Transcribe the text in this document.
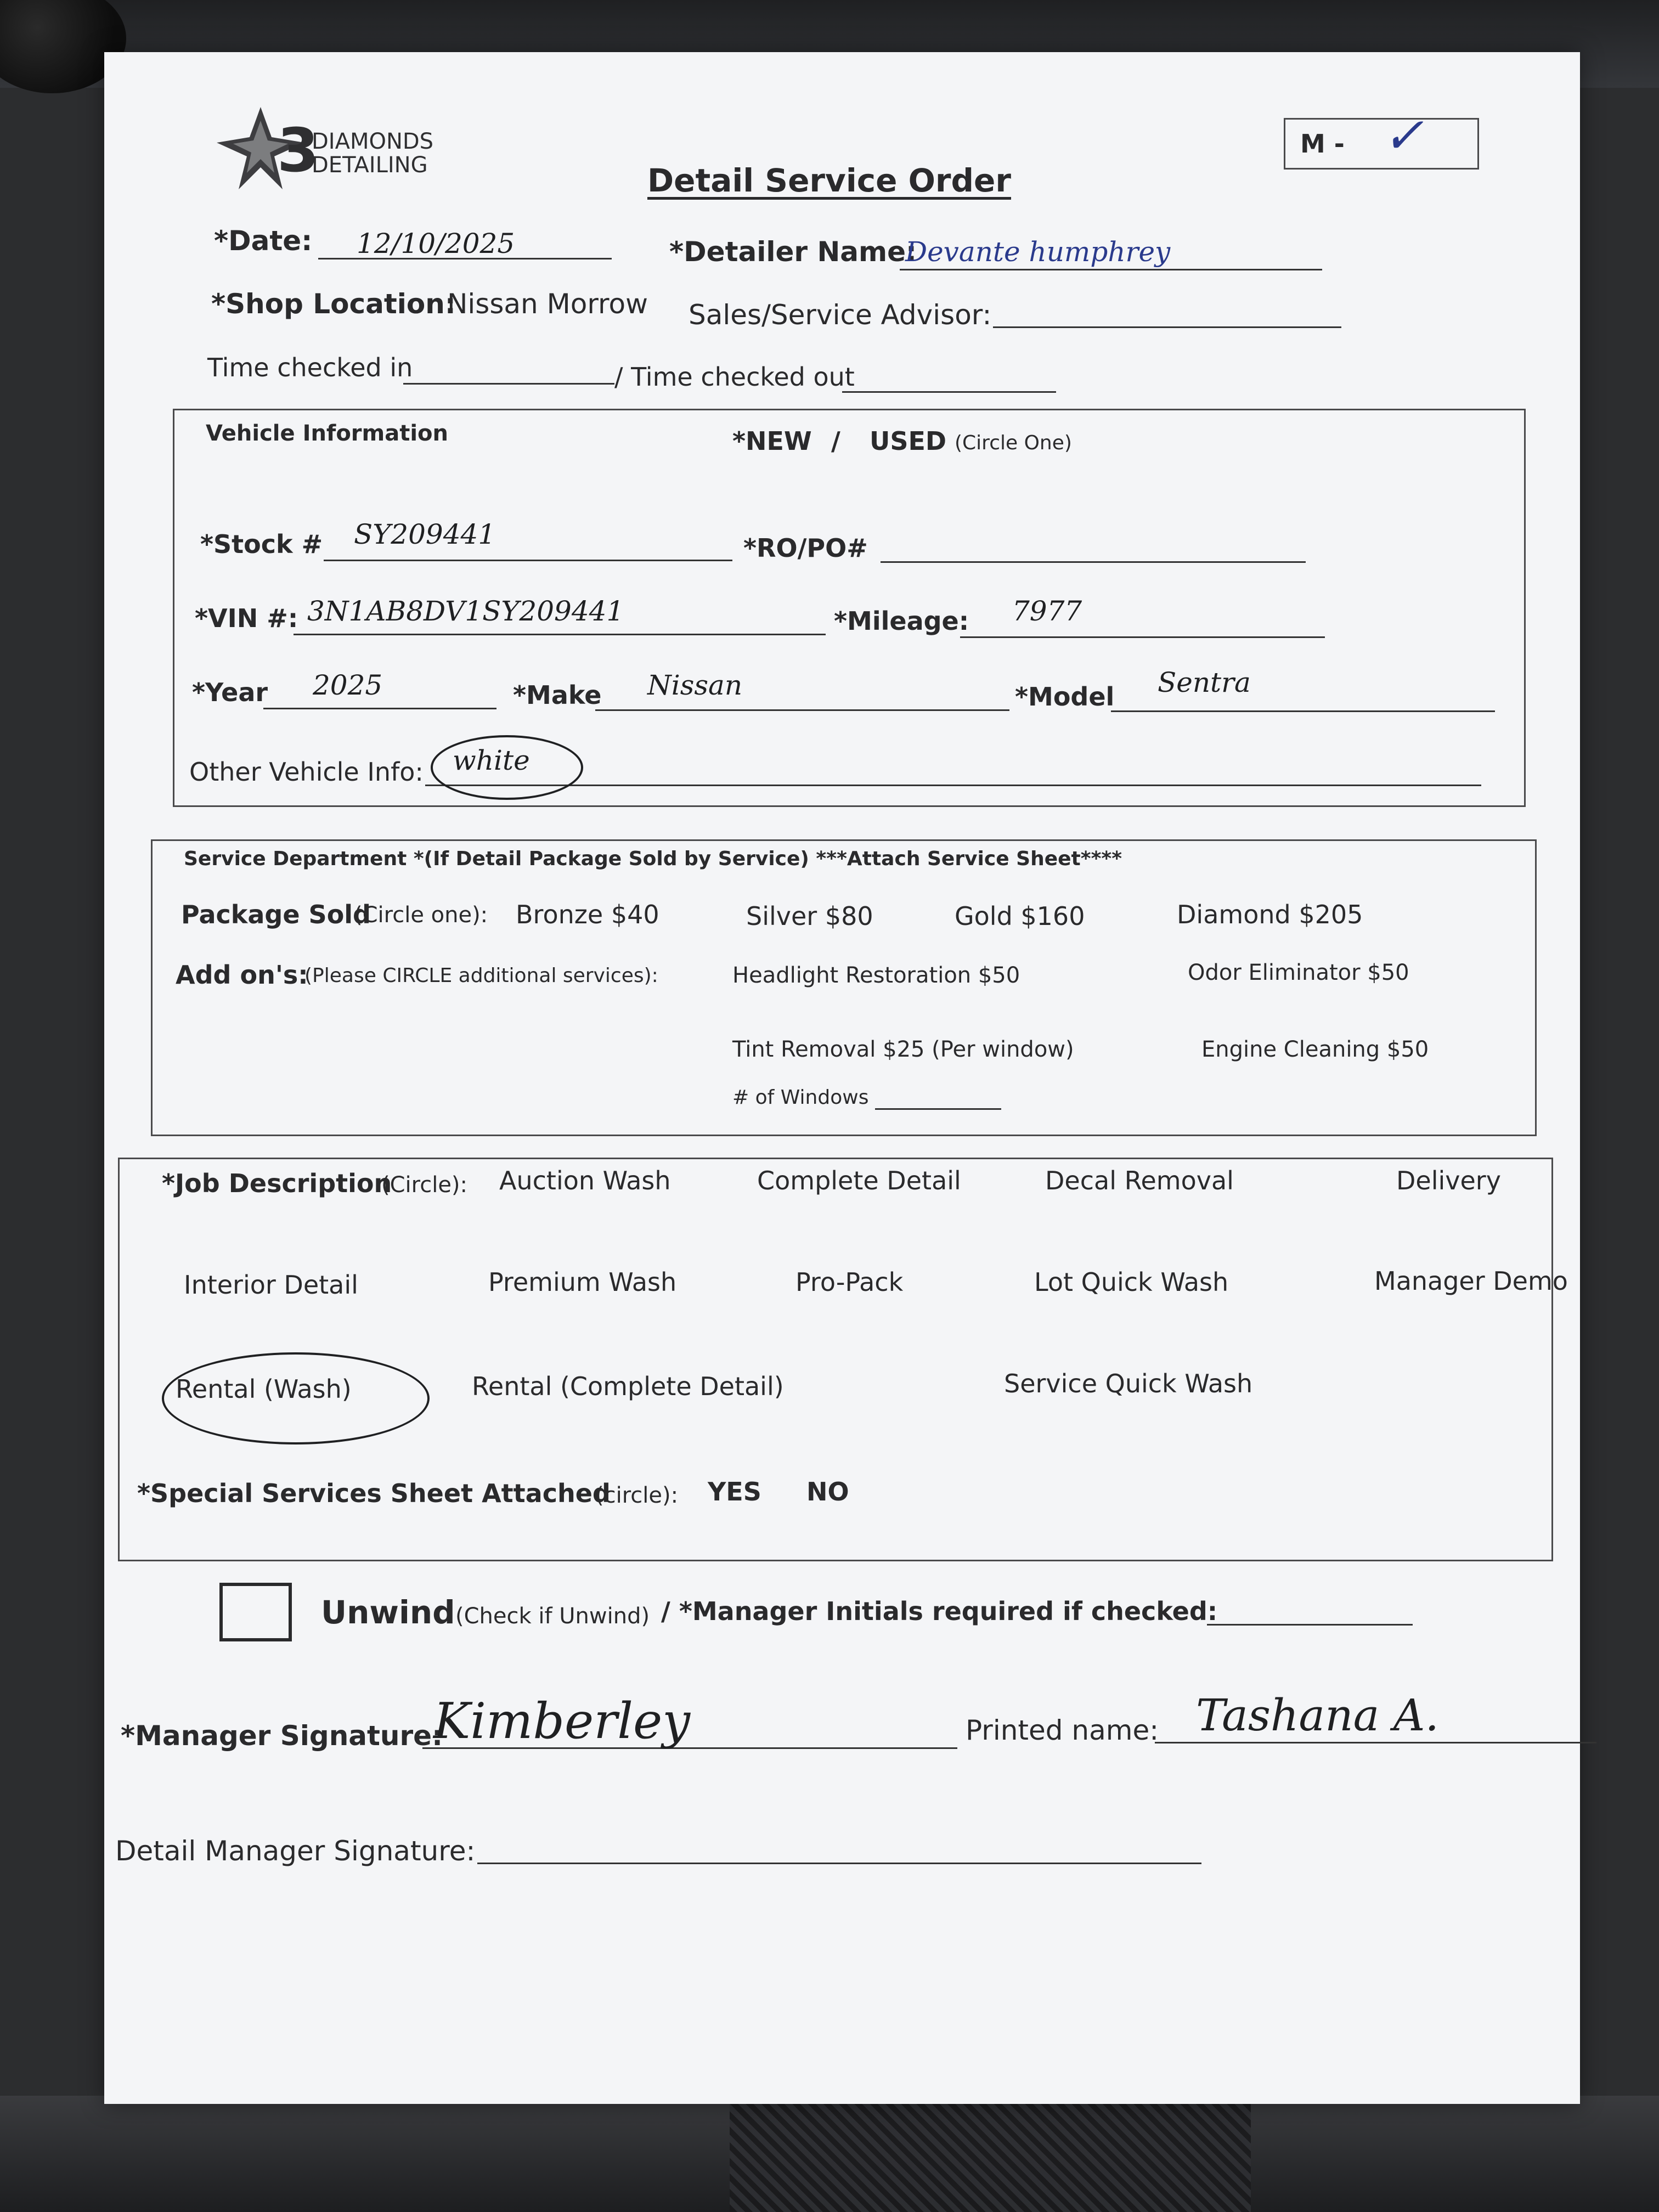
3
DIAMONDS
DETAILING	Detail Service Order
M - ✓
*Date: 12/10/2025	*Detailer Name:
Devante humphrey
*Shop Location:
Nissan Morrow Sales/Service Advisor:
Time checked in	/ Time checked out
Vehicle Information	*NEW / USED (Circle One)
*Stock # SY209441	*RO/PO#
*VIN #: 3N1AB8DV1SY209441	*Mileage: 7977
*Year 2025	*Make Nissan	*Model Sentra
Other Vehicle Info: white
Service Department *(If Detail Package Sold by Service) ***Attach Service Sheet****
Package Sold
(Circle one): Bronze $40	Silver $80	Gold $160	Diamond $205
Add on's:
(Please CIRCLE additional services):	Headlight Restoration $50	Odor Eliminator $50
Tint Removal $25 (Per window)	Engine Cleaning $50
# of Windows
*Job Description
(Circle): Auction Wash	Complete Detail	Decal Removal	Delivery
Interior Detail	Premium Wash	Pro-Pack	Lot Quick Wash	Manager Demo
Rental (Wash)	Rental (Complete Detail)	Service Quick Wash
*Special Services Sheet Attached
(circle): YES NO
Unwind (Check if Unwind) / *Manager Initials required if checked:
*Manager Signature:
Kimberley	Printed name: Tashana A.
Detail Manager Signature:
